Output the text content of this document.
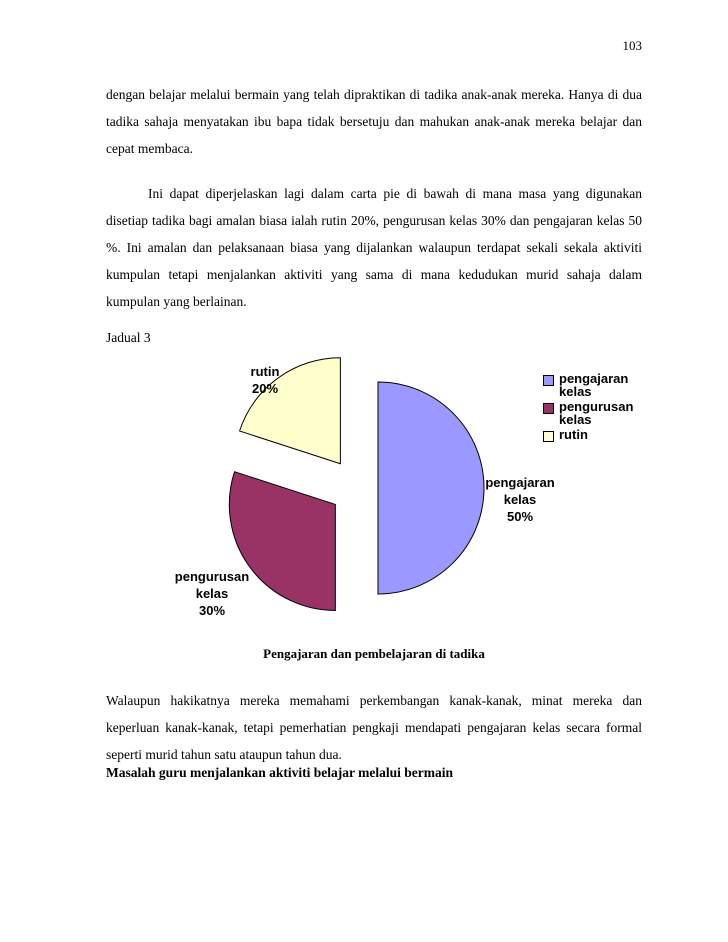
103

dengan belajar melalui bermain yang telah dipraktikan di tadika anak-anak mereka. Hanya di dua tadika sahaja menyatakan ibu bapa tidak bersetuju dan mahukan anak-anak mereka belajar dan cepat membaca.

Ini dapat diperjelaskan lagi dalam carta pie di bawah di mana masa yang digunakan disetiap tadika bagi amalan biasa ialah rutin 20%, pengurusan kelas 30% dan pengajaran kelas 50 %. Ini amalan dan pelaksanaan biasa yang dijalankan walaupun terdapat sekali sekala aktiviti kumpulan tetapi menjalankan aktiviti yang sama di mana kedudukan murid sahaja dalam kumpulan yang berlainan.

Jadual 3
rutin
20%
pengajaran
kelas
50%
pengurusan
kelas
30%
pengajaran kelas
pengurusan kelas
rutin
Pengajaran dan pembelajaran di tadika

Walaupun hakikatnya mereka memahami perkembangan kanak-kanak, minat mereka dan keperluan kanak-kanak, tetapi pemerhatian pengkaji mendapati pengajaran kelas secara formal seperti murid tahun satu ataupun tahun dua.

Masalah guru menjalankan aktiviti belajar melalui bermain
